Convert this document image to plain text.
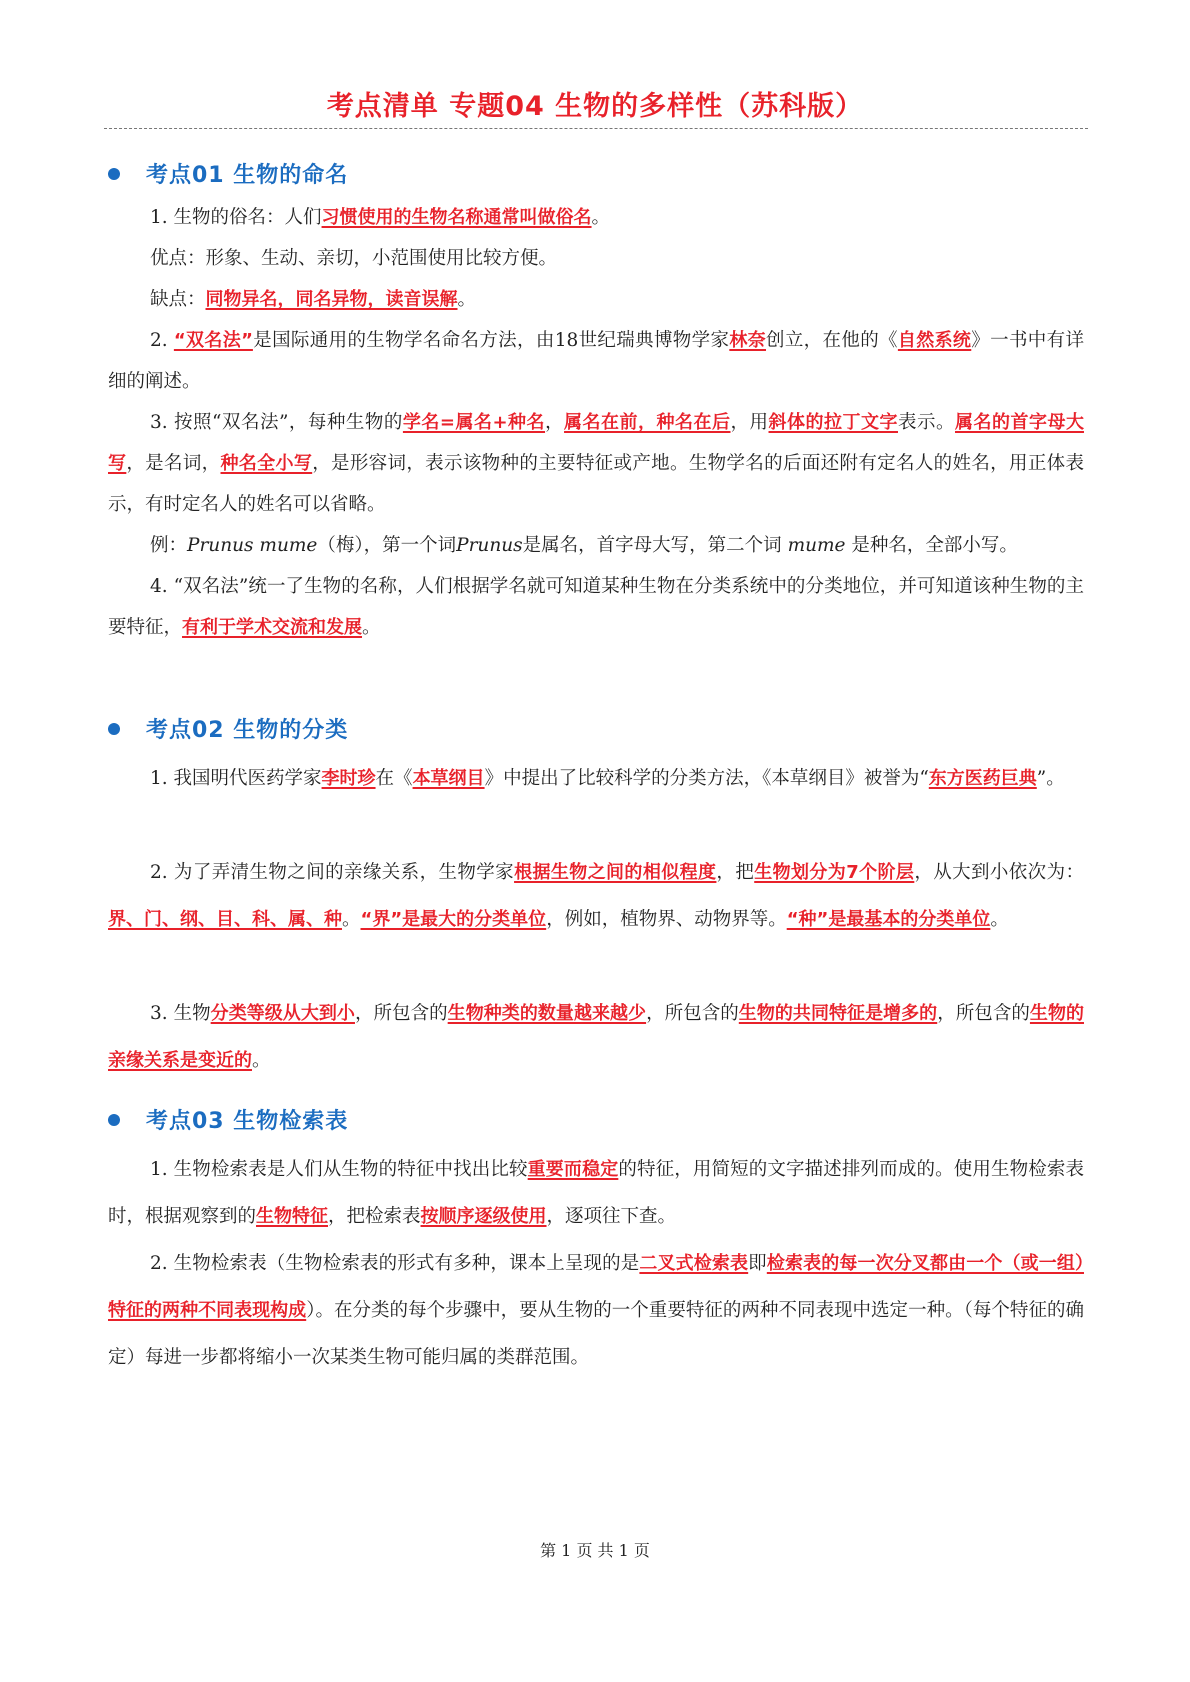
考点清单 专题04 生物的多样性（苏科版）
考点01 生物的命名
1. 生物的俗名：人们习惯使用的生物名称通常叫做俗名。
优点：形象、生动、亲切，小范围使用比较方便。
缺点：同物异名，同名异物，读音误解。
2. “双名法”是国际通用的生物学名命名方法，由18世纪瑞典博物学家林奈创立，在他的《自然系统》一书中有详细的阐述。
3. 按照“双名法”，每种生物的学名=属名+种名，属名在前，种名在后，用斜体的拉丁文字表示。属名的首字母大写，是名词，种名全小写，是形容词，表示该物种的主要特征或产地。生物学名的后面还附有定名人的姓名，用正体表示，有时定名人的姓名可以省略。
例：Prunus mume（梅），第一个词Prunus是属名，首字母大写，第二个词 mume 是种名，全部小写。
4. “双名法”统一了生物的名称，人们根据学名就可知道某种生物在分类系统中的分类地位，并可知道该种生物的主要特征，有利于学术交流和发展。
考点02 生物的分类
1. 我国明代医药学家李时珍在《本草纲目》中提出了比较科学的分类方法，《本草纲目》被誉为“东方医药巨典”。
2. 为了弄清生物之间的亲缘关系，生物学家根据生物之间的相似程度，把生物划分为7个阶层，从大到小依次为：界、门、纲、目、科、属、种。“界”是最大的分类单位，例如，植物界、动物界等。“种”是最基本的分类单位。
3. 生物分类等级从大到小，所包含的生物种类的数量越来越少，所包含的生物的共同特征是增多的，所包含的生物的亲缘关系是变近的。
考点03 生物检索表
1. 生物检索表是人们从生物的特征中找出比较重要而稳定的特征，用简短的文字描述排列而成的。使用生物检索表时，根据观察到的生物特征，把检索表按顺序逐级使用，逐项往下查。
2. 生物检索表（生物检索表的形式有多种，课本上呈现的是二叉式检索表即检索表的每一次分叉都由一个（或一组）特征的两种不同表现构成）。在分类的每个步骤中，要从生物的一个重要特征的两种不同表现中选定一种。（每个特征的确定）每进一步都将缩小一次某类生物可能归属的类群范围。

第 1 页 共 1 页
